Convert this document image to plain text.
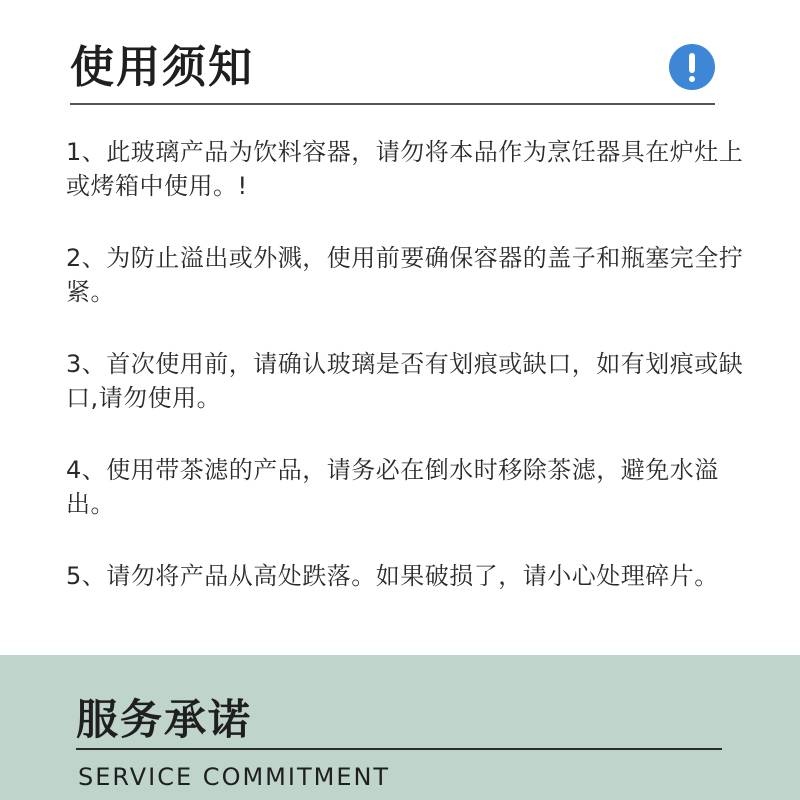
使用须知
1、此玻璃产品为饮料容器，请勿将本品作为烹饪器具在炉灶上或烤箱中使用。!
2、为防止溢出或外溅，使用前要确保容器的盖子和瓶塞完全拧紧。
3、首次使用前，请确认玻璃是否有划痕或缺口，如有划痕或缺口,请勿使用。
4、使用带茶滤的产品，请务必在倒水时移除茶滤，避免水溢出。
5、请勿将产品从高处跌落。如果破损了，请小心处理碎片。
服务承诺
SERVICE COMMITMENT
